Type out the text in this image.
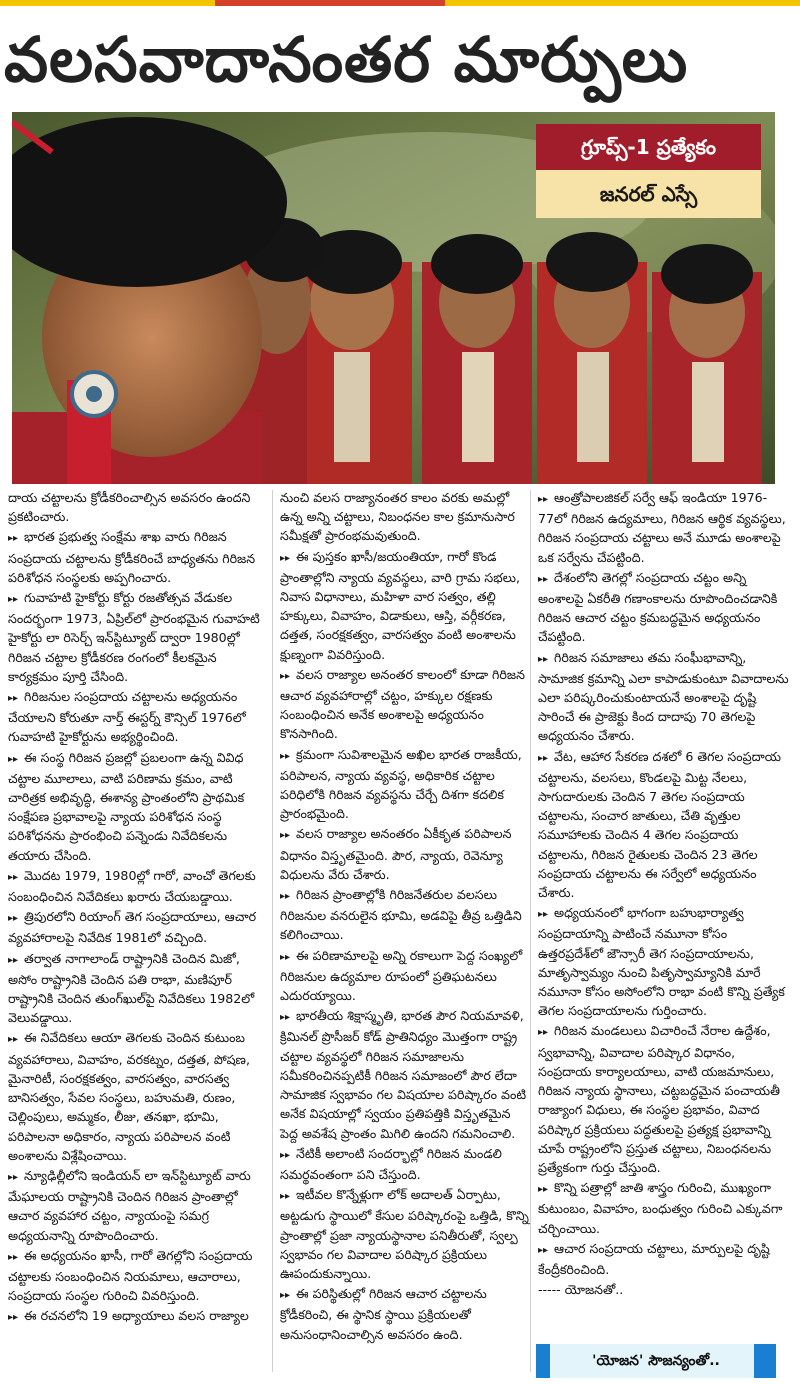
వలసవాదానంతర మార్పులు
గ్రూప్స్-1 ప్రత్యేకం
జనరల్ ఎస్సే
దాయ చట్టాలను క్రోడీకరించాల్సిన అవసరం ఉందని ప్రకటించారు.
▸▸ భారత ప్రభుత్వ సంక్షేమ శాఖ వారు గిరిజన సంప్రదాయ చట్టాలను క్రోడీకరించే బాధ్యతను గిరిజన పరిశోధన సంస్థలకు అప్పగించారు.
▸▸ గువాహటి హైకోర్టు కోర్టు రజతోత్సవ వేడుకల సందర్భంగా 1973, ఏప్రిల్‌లో ప్రారంభమైన గువాహటి హైకోర్టు లా రిసెర్చ్ ఇన్‌స్టిట్యూట్ ద్వారా 1980ల్లో గిరిజన చట్టాల క్రోడీకరణ రంగంలో కీలకమైన కార్యక్రమం పూర్తి చేసింది.
▸▸ గిరిజనుల సంప్రదాయ చట్టాలను అధ్యయనం చేయాలని కోరుతూ నార్త్ ఈస్టర్న్ కౌన్సిల్ 1976లో గువాహటి హైకోర్టును అభ్యర్థించింది.
▸▸ ఈ సంస్థ గిరిజన ప్రజల్లో ప్రబలంగా ఉన్న వివిధ చట్టాల మూలాలు, వాటి పరిణామ క్రమం, వాటి చారిత్రక అభివృద్ధి, ఈశాన్య ప్రాంతంలోని ప్రాథమిక సంక్షేపణ ప్రభావాలపై న్యాయ పరిశోధన సంస్థ పరిశోధనను ప్రారంభించి పన్నెండు నివేదికలను తయారు చేసింది.
▸▸ మొదట 1979, 1980ల్లో గారో, వాంచో తెగలకు సంబంధించిన నివేదికలు ఖరారు చేయబడ్డాయి.
▸▸ త్రిపురలోని రియాంగ్ తెగ సంప్రదాయాలు, ఆచార వ్యవహారాలపై నివేదిక 1981లో వచ్చింది.
▸▸ తర్వాత నాగాలాండ్ రాష్ట్రానికి చెందిన మిజో, అసోం రాష్ట్రానికి చెందిన పతి రాభా, మణిపూర్ రాష్ట్రానికి చెందిన తుంగ్‌ఖుల్‌పై నివేదికలు 1982లో వెలువడ్డాయి.
▸▸ ఈ నివేదికలు ఆయా తెగలకు చెందిన కుటుంబ వ్యవహారాలు, వివాహం, వరకట్నం, దత్తత, పోషణ, మైనారిటీ, సంరక్షకత్వం, వారసత్వం, వారసత్వ బానిసత్వం, సేవల సంస్థలు, బహుమతి, రుణం, చెల్లింపులు, అమ్మకం, లీజు, తనఖా, భూమి, పరిపాలనా అధికారం, న్యాయ పరిపాలన వంటి అంశాలను విశ్లేషించాయి.
▸▸ న్యూఢిల్లీలోని ఇండియన్ లా ఇన్‌స్టిట్యూట్ వారు మేఘాలయ రాష్ట్రానికి చెందిన గిరిజన ప్రాంతాల్లో ఆచార వ్యవహార చట్టం, న్యాయంపై సమగ్ర అధ్యయనాన్ని రూపొందించారు.
▸▸ ఈ అధ్యయనం ఖాసీ, గారో తెగల్లోని సంప్రదాయ చట్టాలకు సంబంధించిన నియమాలు, ఆచారాలు, సంప్రదాయ సంస్థల గురించి వివరిస్తుంది.
▸▸ ఈ రచనలోని 19 అధ్యాయాలు వలస రాజ్యాల
నుంచి వలస రాజ్యానంతర కాలం వరకు అమల్లో ఉన్న అన్ని చట్టాలు, నిబంధనల కాల క్రమానుసార సమీక్షతో ప్రారంభమవుతుంది.
▸▸ ఈ పుస్తకం ఖాసీ/జయంతియా, గారో కొండ ప్రాంతాల్లోని న్యాయ వ్యవస్థలు, వారి గ్రామ సభలు, నివాస విధానాలు, మహిళా వార సత్వం, తల్లి హక్కులు, వివాహం, విడాకులు, ఆస్తి, వర్గీకరణ, దత్తత, సంరక్షకత్వం, వారసత్వం వంటి అంశాలను క్షుణ్నంగా వివరిస్తుంది.
▸▸ వలస రాజ్యాల అనంతర కాలంలో కూడా గిరిజన ఆచార వ్యవహారాల్లో చట్టం, హక్కుల రక్షణకు సంబంధించిన అనేక అంశాలపై అధ్యయనం కొనసాగింది.
▸▸ క్రమంగా సువిశాలమైన అఖిల భారత రాజకీయ, పరిపాలన, న్యాయ వ్యవస్థ, అధికారిక చట్టాల పరిధిలోకి గిరిజన వ్యవస్థను చేర్చే దిశగా కదలిక ప్రారంభమైంది.
▸▸ వలస రాజ్యాల అనంతరం ఏకీకృత పరిపాలన విధానం విస్తృతమైంది. పౌర, న్యాయ, రెవెన్యూ విధులను వేరు చేశారు.
▸▸ గిరిజన ప్రాంతాల్లోకి గిరిజనేతరుల వలసలు గిరిజనుల వనరులైన భూమి, అడవిపై తీవ్ర ఒత్తిడిని కలిగించాయి.
▸▸ ఈ పరిణామాలపై అన్ని రకాలుగా పెద్ద సంఖ్యలో గిరిజనుల ఉద్యమాల రూపంలో ప్రతిఘటనలు ఎదురయ్యాయి.
▸▸ భారతీయ శిక్షాస్మృతి, భారత పౌర నియమావళి, క్రిమినల్ ప్రొసీజర్ కోడ్ ప్రాతినిధ్యం మొత్తంగా రాష్ట్ర చట్టాల వ్యవస్థలో గిరిజన సమాజాలను సమీకరించినప్పటికీ గిరిజన సమాజంలో పౌర లేదా సామాజిక స్వభావం గల విషయాల పరిష్కారం వంటి అనేక విషయాల్లో స్వయం ప్రతిపత్తికి విస్తృతమైన పెద్ద అవశేష ప్రాంతం మిగిలి ఉందని గమనించాలి.
▸▸ నేటికీ అలాంటి సందర్భాల్లో గిరిజన మండలి సమర్థవంతంగా పని చేస్తుంది.
▸▸ ఇటీవల కొన్నేళ్లుగా లోక్ అదాలత్ ఏర్పాటు, అట్టడుగు స్థాయిలో కేసుల పరిష్కారంపై ఒత్తిడి, కొన్ని ప్రాంతాల్లో ప్రజా న్యాయస్థానాల పనితీరుతో, స్వల్ప స్వభావం గల వివాదాల పరిష్కార ప్రక్రియలు ఊపందుకున్నాయి.
▸▸ ఈ పరిస్థితుల్లో గిరిజన ఆచార చట్టాలను క్రోడీకరించి, ఈ స్థానిక స్థాయి ప్రక్రియలతో అనుసంధానించాల్సిన అవసరం ఉంది.
▸▸ ఆంత్రోపాలజికల్ సర్వే ఆఫ్ ఇండియా 1976-77లో గిరిజన ఉద్యమాలు, గిరిజన ఆర్థిక వ్యవస్థలు, గిరిజన సంప్రదాయ చట్టాలు అనే మూడు అంశాలపై ఒక సర్వేను చేపట్టింది.
▸▸ దేశంలోని తెగల్లో సంప్రదాయ చట్టం అన్ని అంశాలపై ఏకరీతి గణాంకాలను రూపొందించడానికి గిరిజన ఆచార చట్టం క్రమబద్ధమైన అధ్యయనం చేపట్టింది.
▸▸ గిరిజన సమాజాలు తమ సంఘీభావాన్ని, సామాజిక క్రమాన్ని ఎలా కాపాడుకుంటూ వివాదాలను ఎలా పరిష్కరించుకుంటాయనే అంశాలపై దృష్టి సారించే ఈ ప్రాజెక్టు కింద దాదాపు 70 తెగలపై అధ్యయనం చేశారు.
▸▸ వేట, ఆహార సేకరణ దశలో 6 తెగల సంప్రదాయ చట్టాలను, వలసలు, కొండలపై మిట్ట నేలలు, సాగుదారులకు చెందిన 7 తెగల సంప్రదాయ చట్టాలను, సంచార జాతులు, చేతి వృత్తుల సమూహాలకు చెందిన 4 తెగల సంప్రదాయ చట్టాలను, గిరిజన రైతులకు చెందిన 23 తెగల సంప్రదాయ చట్టాలను ఈ సర్వేలో అధ్యయనం చేశారు.
▸▸ అధ్యయనంలో భాగంగా బహుభార్యాత్వ సంప్రదాయాన్ని పాటించే నమూనా కోసం ఉత్తరప్రదేశ్‌లో జౌన్సారీ తెగ సంప్రదాయాలను, మాతృస్వామ్యం నుంచి పితృస్వామ్యానికి మారే నమూనా కోసం అసోంలోని రాభా వంటి కొన్ని ప్రత్యేక తెగల సంప్రదాయాలను గుర్తించారు.
▸▸ గిరిజన మండలులు విచారించే నేరాల ఉద్దేశం, స్వభావాన్ని, వివాదాల పరిష్కార విధానం, సంప్రదాయ కార్యాలయాలు, వాటి యజమానులు, గిరిజన న్యాయ స్థానాలు, చట్టబద్ధమైన పంచాయతీ రాజ్యాంగ విధులు, ఈ సంస్థల ప్రభావం, వివాద పరిష్కార ప్రక్రియలు పద్ధతులపై ప్రత్యక్ష ప్రభావాన్ని చూపే రాష్ట్రంలోని ప్రస్తుత చట్టాలు, నిబంధనలను ప్రత్యేకంగా గుర్తు చేస్తుంది.
▸▸ కొన్ని పత్రాల్లో జాతి శాస్త్రం గురించి, ముఖ్యంగా కుటుంబం, వివాహం, బంధుత్వం గురించి ఎక్కువగా చర్చించాయి.
▸▸ ఆచార సంప్రదాయ చట్టాలు, మార్పులపై దృష్టి కేంద్రీకరించింది.
----- యోజనతో..
'యోజన' సౌజన్యంతో..
